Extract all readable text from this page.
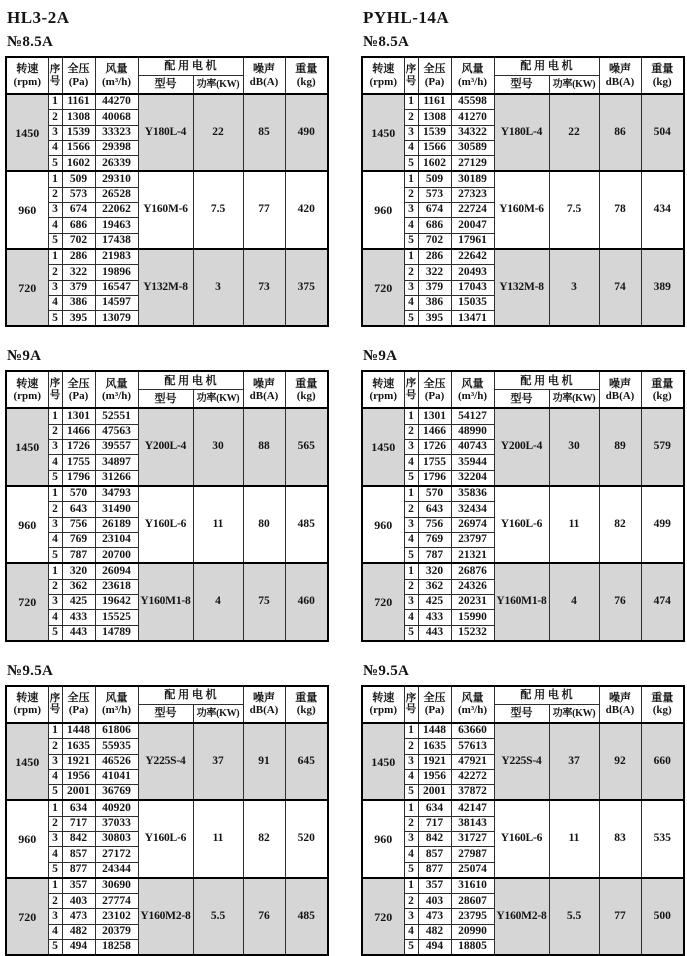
HL3-2A
№8.5A
转速
(rpm)	序
号	全压
(Pa)	风量
(m³/h)	配 用 电 机		噪声
dB(A)	重量
(kg)

				型号	功率(KW)		
1450	1	1161	44270	Y180L-4	22	85	490
	2	1308	40068				
	3	1539	33323				
	4	1566	29398				
	5	1602	26339				
960	1	509	29310	Y160M-6	7.5	77	420
	2	573	26528				
	3	674	22062				
	4	686	19463				
	5	702	17438				
720	1	286	21983	Y132M-8	3	73	375
	2	322	19896				
	3	379	16547				
	4	386	14597				
	5	395	13079				
№9A
转速
(rpm)	序
号	全压
(Pa)	风量
(m³/h)	配 用 电 机		噪声
dB(A)	重量
(kg)

				型号	功率(KW)		
1450	1	1301	52551	Y200L-4	30	88	565
	2	1466	47563				
	3	1726	39557				
	4	1755	34897				
	5	1796	31266				
960	1	570	34793	Y160L-6	11	80	485
	2	643	31490				
	3	756	26189				
	4	769	23104				
	5	787	20700				
720	1	320	26094	Y160M1-8	4	75	460
	2	362	23618				
	3	425	19642				
	4	433	15525				
	5	443	14789				
№9.5A
转速
(rpm)	序
号	全压
(Pa)	风量
(m³/h)	配 用 电 机		噪声
dB(A)	重量
(kg)

				型号	功率(KW)		
1450	1	1448	61806	Y225S-4	37	91	645
	2	1635	55935				
	3	1921	46526				
	4	1956	41041				
	5	2001	36769				
960	1	634	40920	Y160L-6	11	82	520
	2	717	37033				
	3	842	30803				
	4	857	27172				
	5	877	24344				
720	1	357	30690	Y160M2-8	5.5	76	485
	2	403	27774				
	3	473	23102				
	4	482	20379				
	5	494	18258				
PYHL-14A
№8.5A
转速
(rpm)	序
号	全压
(Pa)	风量
(m³/h)	配 用 电 机		噪声
dB(A)	重量
(kg)

				型号	功率(KW)		
1450	1	1161	45598	Y180L-4	22	86	504
	2	1308	41270				
	3	1539	34322				
	4	1566	30589				
	5	1602	27129				
960	1	509	30189	Y160M-6	7.5	78	434
	2	573	27323				
	3	674	22724				
	4	686	20047				
	5	702	17961				
720	1	286	22642	Y132M-8	3	74	389
	2	322	20493				
	3	379	17043				
	4	386	15035				
	5	395	13471				
№9A
转速
(rpm)	序
号	全压
(Pa)	风量
(m³/h)	配 用 电 机		噪声
dB(A)	重量
(kg)

				型号	功率(KW)		
1450	1	1301	54127	Y200L-4	30	89	579
	2	1466	48990				
	3	1726	40743				
	4	1755	35944				
	5	1796	32204				
960	1	570	35836	Y160L-6	11	82	499
	2	643	32434				
	3	756	26974				
	4	769	23797				
	5	787	21321				
720	1	320	26876	Y160M1-8	4	76	474
	2	362	24326				
	3	425	20231				
	4	433	15990				
	5	443	15232				
№9.5A
转速
(rpm)	序
号	全压
(Pa)	风量
(m³/h)	配 用 电 机		噪声
dB(A)	重量
(kg)

				型号	功率(KW)		
1450	1	1448	63660	Y225S-4	37	92	660
	2	1635	57613				
	3	1921	47921				
	4	1956	42272				
	5	2001	37872				
960	1	634	42147	Y160L-6	11	83	535
	2	717	38143				
	3	842	31727				
	4	857	27987				
	5	877	25074				
720	1	357	31610	Y160M2-8	5.5	77	500
	2	403	28607				
	3	473	23795				
	4	482	20990				
	5	494	18805				
